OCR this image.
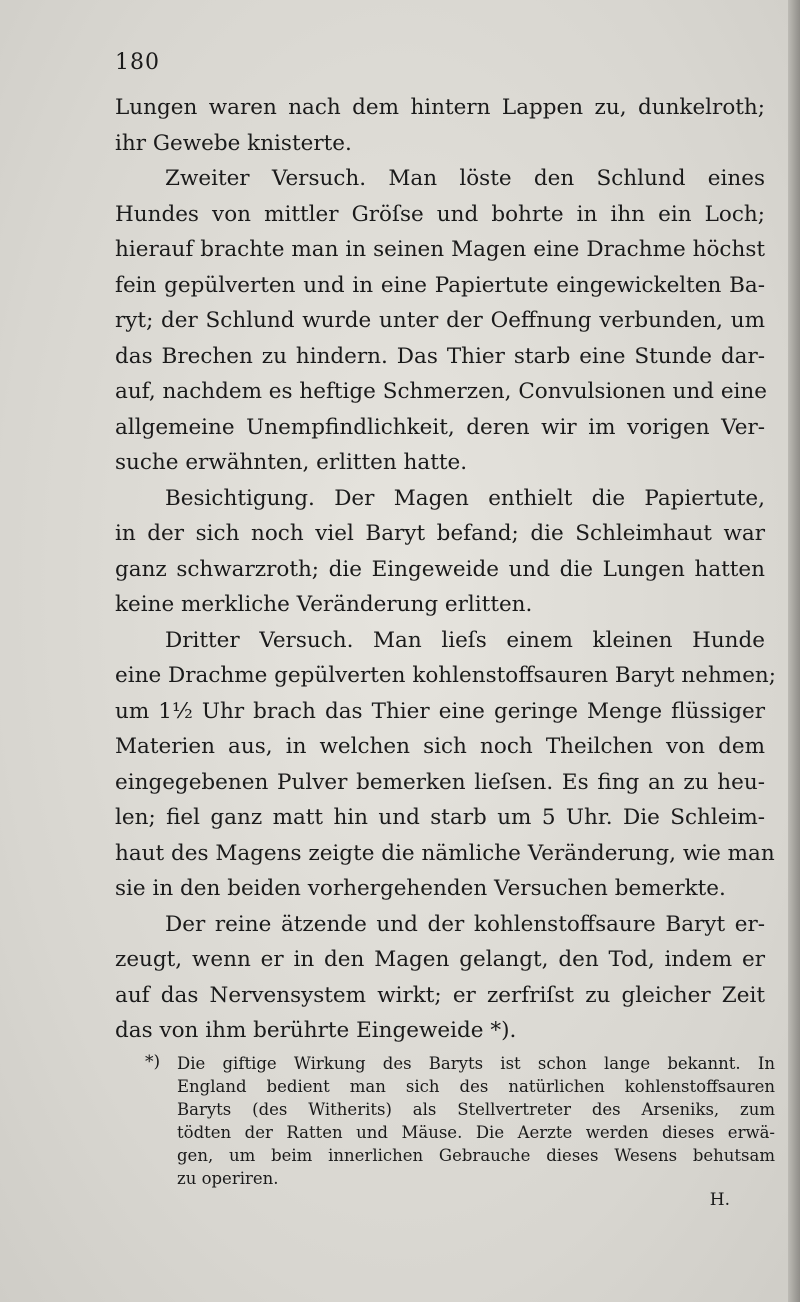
180
Lungen waren nach dem hintern Lappen zu, dunkelroth;
ihr Gewebe knisterte.
Zweiter Versuch. Man löste den Schlund eines
Hundes von mittler Gröſse und bohrte in ihn ein Loch;
hierauf brachte man in seinen Magen eine Drachme höchst
fein gepülverten und in eine Papiertute eingewickelten Ba-
ryt; der Schlund wurde unter der Oeffnung verbunden, um
das Brechen zu hindern. Das Thier starb eine Stunde dar-
auf, nachdem es heftige Schmerzen, Convulsionen und eine
allgemeine Unempfindlichkeit, deren wir im vorigen Ver-
suche erwähnten, erlitten hatte.
Besichtigung. Der Magen enthielt die Papiertute,
in der sich noch viel Baryt befand; die Schleimhaut war
ganz schwarzroth; die Eingeweide und die Lungen hatten
keine merkliche Veränderung erlitten.
Dritter Versuch. Man lieſs einem kleinen Hunde
eine Drachme gepülverten kohlenstoffsauren Baryt nehmen;
um 1½ Uhr brach das Thier eine geringe Menge flüssiger
Materien aus, in welchen sich noch Theilchen von dem
eingegebenen Pulver bemerken lieſsen. Es fing an zu heu-
len; fiel ganz matt hin und starb um 5 Uhr. Die Schleim-
haut des Magens zeigte die nämliche Veränderung, wie man
sie in den beiden vorhergehenden Versuchen bemerkte.
Der reine ätzende und der kohlenstoffsaure Baryt er-
zeugt, wenn er in den Magen gelangt, den Tod, indem er
auf das Nervensystem wirkt; er zerfriſst zu gleicher Zeit
das von ihm berührte Eingeweide *).
*) Die giftige Wirkung des Baryts ist schon lange bekannt. In
England bedient man sich des natürlichen kohlenstoffsauren
Baryts (des Witherits) als Stellvertreter des Arseniks, zum
tödten der Ratten und Mäuse. Die Aerzte werden dieses erwä-
gen, um beim innerlichen Gebrauche dieses Wesens behutsam
zu operiren.
H.
